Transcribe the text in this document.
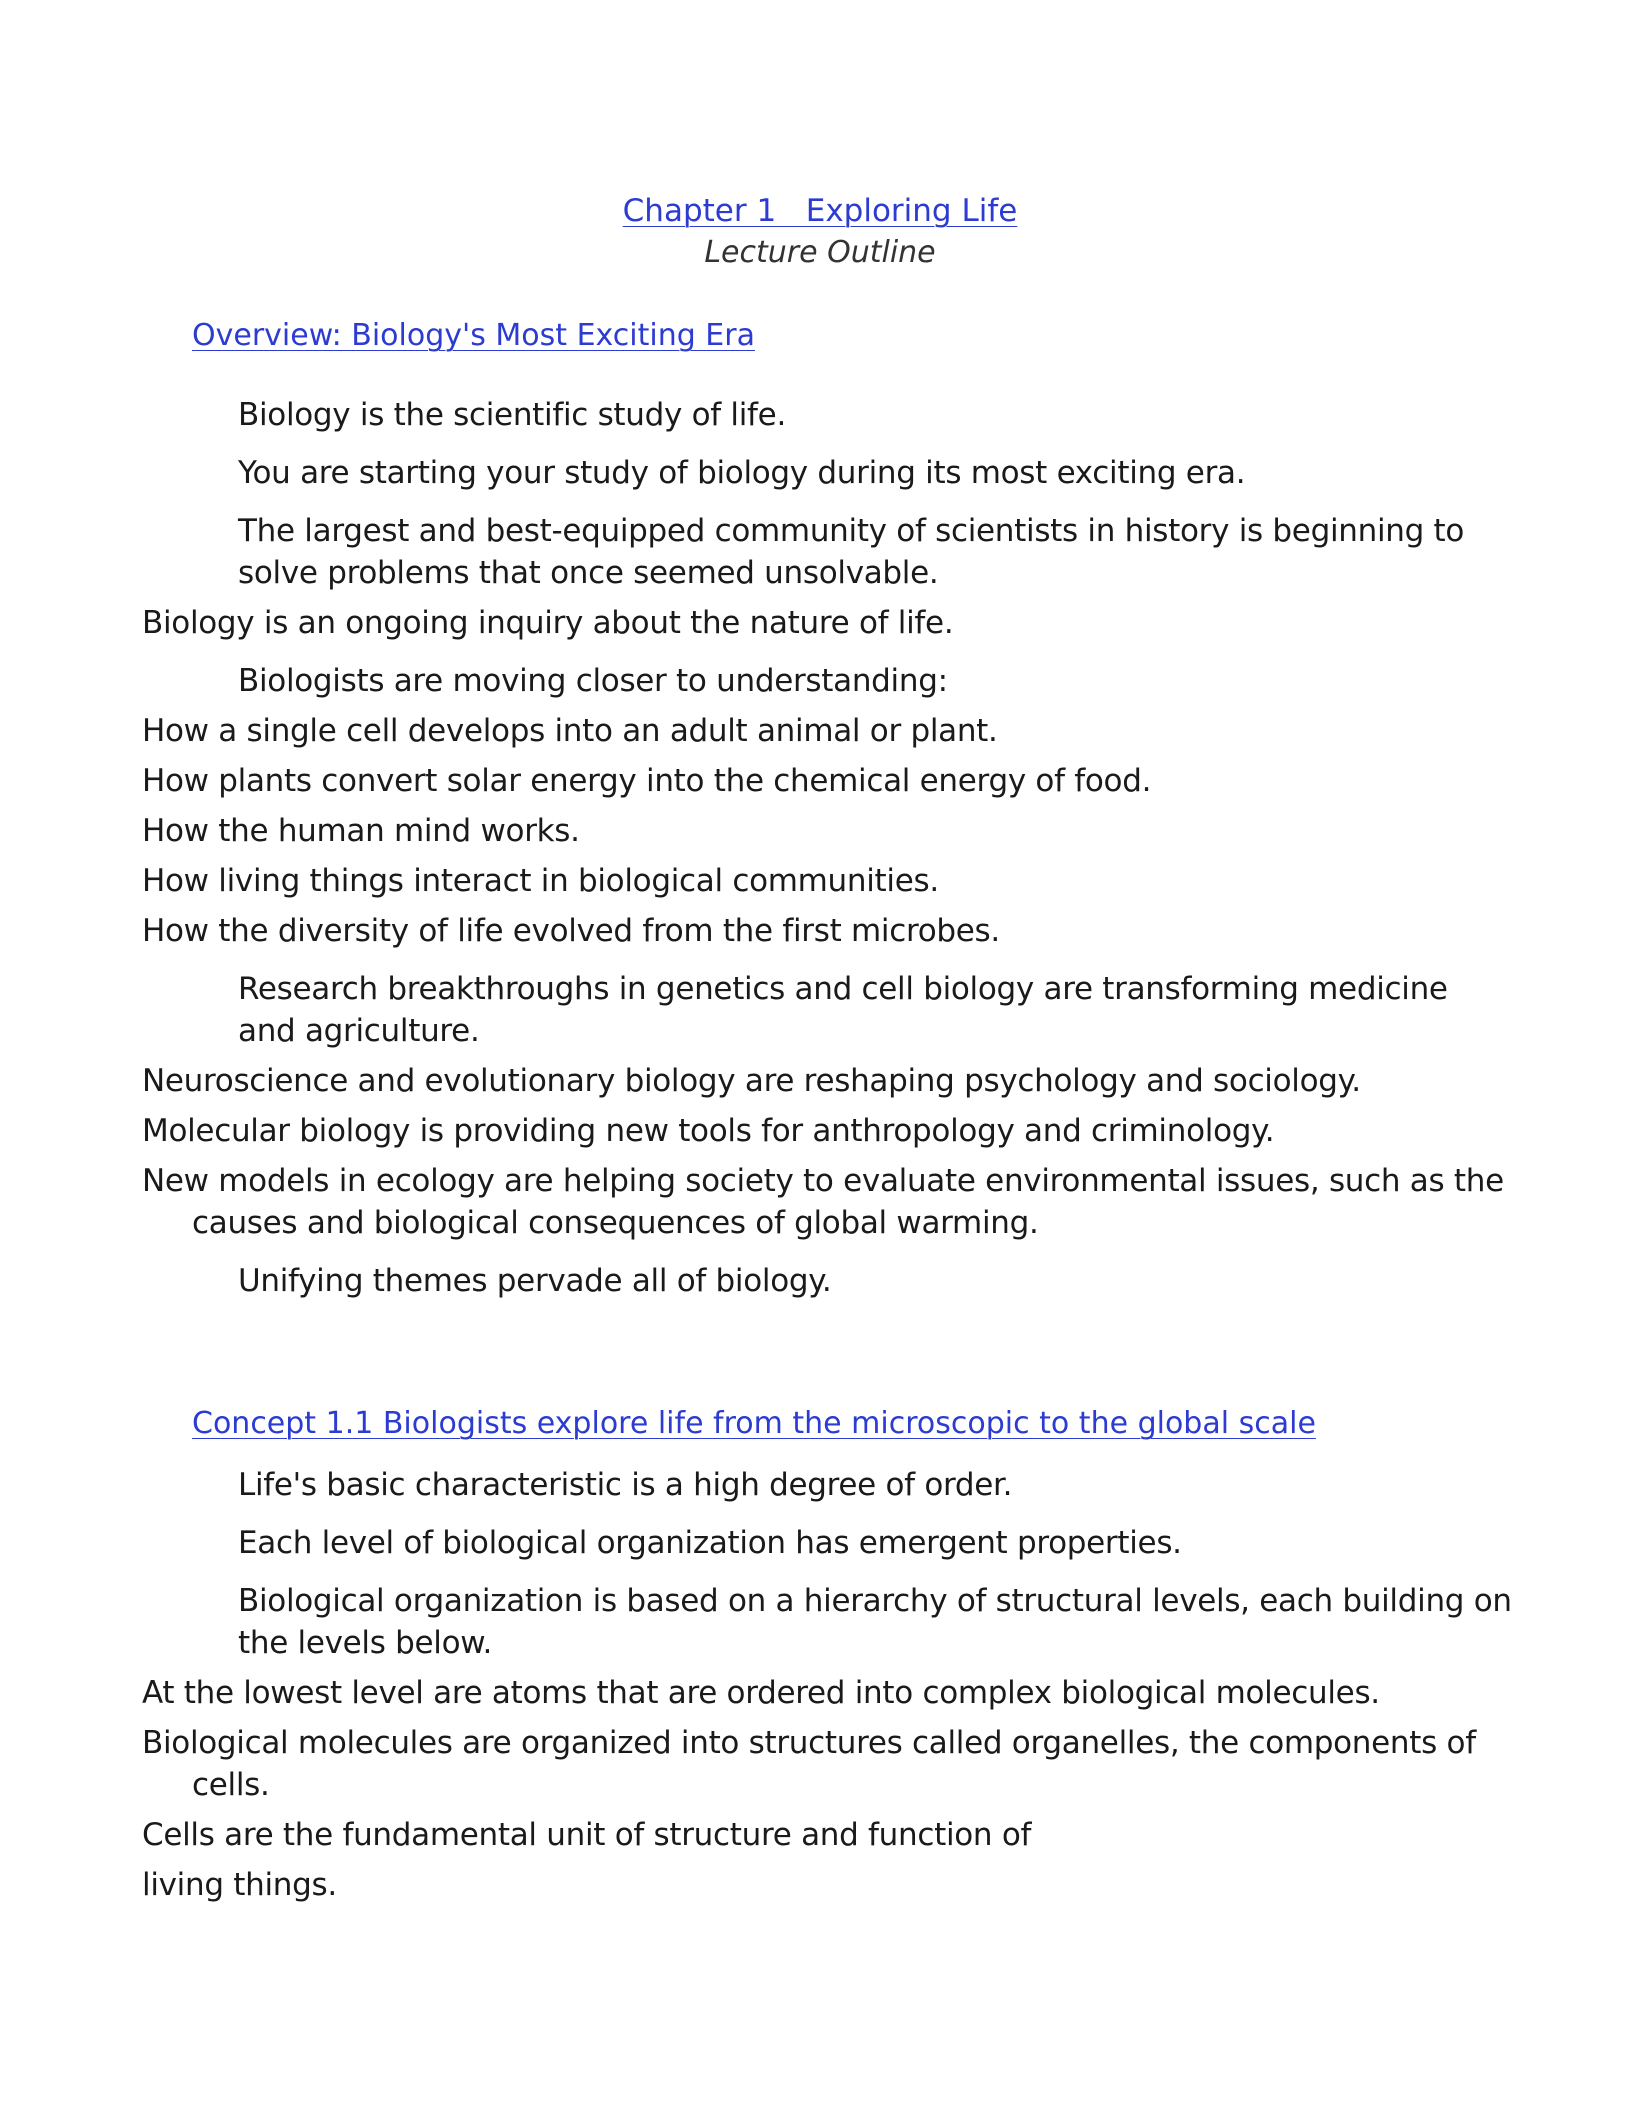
Chapter 1   Exploring Life
Lecture Outline
Overview: Biology's Most Exciting Era
Biology is the scientific study of life.
You are starting your study of biology during its most exciting era.
The largest and best-equipped community of scientists in history is beginning to
solve problems that once seemed unsolvable.
Biology is an ongoing inquiry about the nature of life.
Biologists are moving closer to understanding:
How a single cell develops into an adult animal or plant.
How plants convert solar energy into the chemical energy of food.
How the human mind works.
How living things interact in biological communities.
How the diversity of life evolved from the first microbes.
Research breakthroughs in genetics and cell biology are transforming medicine
and agriculture.
Neuroscience and evolutionary biology are reshaping psychology and sociology.
Molecular biology is providing new tools for anthropology and criminology.
New models in ecology are helping society to evaluate environmental issues, such as the
causes and biological consequences of global warming.
Unifying themes pervade all of biology.
Concept 1.1 Biologists explore life from the microscopic to the global scale
Life's basic characteristic is a high degree of order.
Each level of biological organization has emergent properties.
Biological organization is based on a hierarchy of structural levels, each building on
the levels below.
At the lowest level are atoms that are ordered into complex biological molecules.
Biological molecules are organized into structures called organelles, the components of
cells.
Cells are the fundamental unit of structure and function of
living things.
